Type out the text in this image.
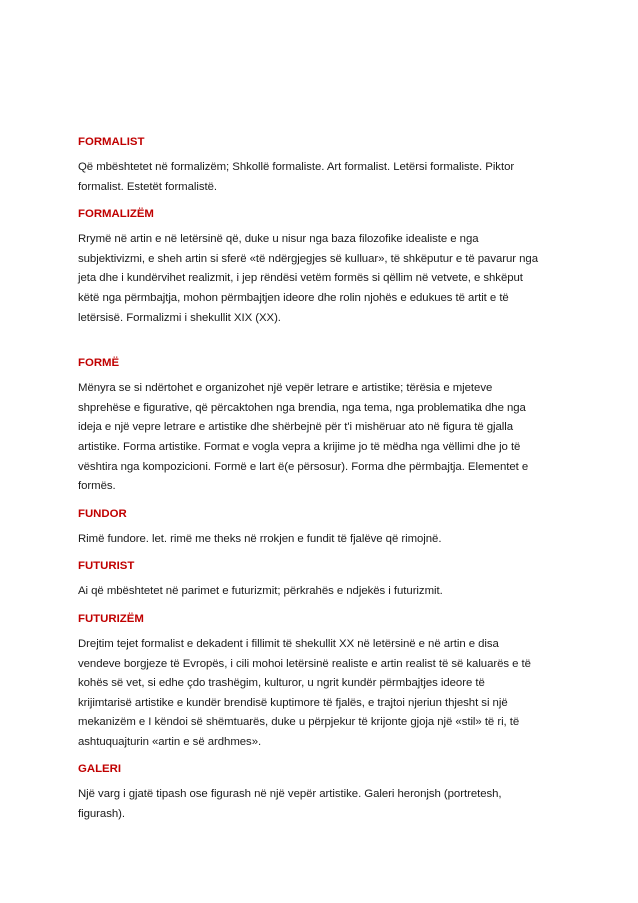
FORMALIST

Që mbështetet në formalizëm; Shkollë formaliste. Art formalist. Letërsi formaliste. Piktor
formalist. Estetët formalistë.

FORMALIZËM

Rrymë në artin e në letërsinë që, duke u nisur nga baza filozofike idealiste e nga
subjektivizmi, e sheh artin si sferë «të ndërgjegjes së kulluar», të shkëputur e të pavarur nga
jeta dhe i kundërvihet realizmit, i jep rëndësi vetëm formës si qëllim në vetvete, e shkëput
këtë nga përmbajtja, mohon përmbajtjen ideore dhe rolin njohës e edukues të artit e të
letërsisë. Formalizmi i shekullit XIX (XX).

FORMË

Mënyra se si ndërtohet e organizohet një vepër letrare e artistike; tërësia e mjeteve
shprehëse e figurative, që përcaktohen nga brendia, nga tema, nga problematika dhe nga
ideja e një vepre letrare e artistike dhe shërbejnë për t'i mishëruar ato në figura të gjalla
artistike. Forma artistike. Format e vogla vepra a krijime jo të mëdha nga vëllimi dhe jo të
vështira nga kompozicioni. Formë e lart ë(e përsosur). Forma dhe përmbajtja. Elementet e
formës.

FUNDOR

Rimë fundore. let. rimë me theks në rrokjen e fundit të fjalëve që rimojnë.

FUTURIST

Ai që mbështetet në parimet e futurizmit; përkrahës e ndjekës i futurizmit.

FUTURIZËM

Drejtim tejet formalist e dekadent i fillimit të shekullit XX në letërsinë e në artin e disa
vendeve borgjeze të Evropës, i cili mohoi letërsinë realiste e artin realist të së kaluarës e të
kohës së vet, si edhe çdo trashëgim, kulturor, u ngrit kundër përmbajtjes ideore të
krijimtarisë artistike e kundër brendisë kuptimore të fjalës, e trajtoi njeriun thjesht si një
mekanizëm e I këndoi së shëmtuarës, duke u përpjekur të krijonte gjoja një «stil» të ri, të
ashtuquajturin «artin e së ardhmes».

GALERI

Një varg i gjatë tipash ose figurash në një vepër artistike. Galeri heronjsh (portretesh,
figurash).
